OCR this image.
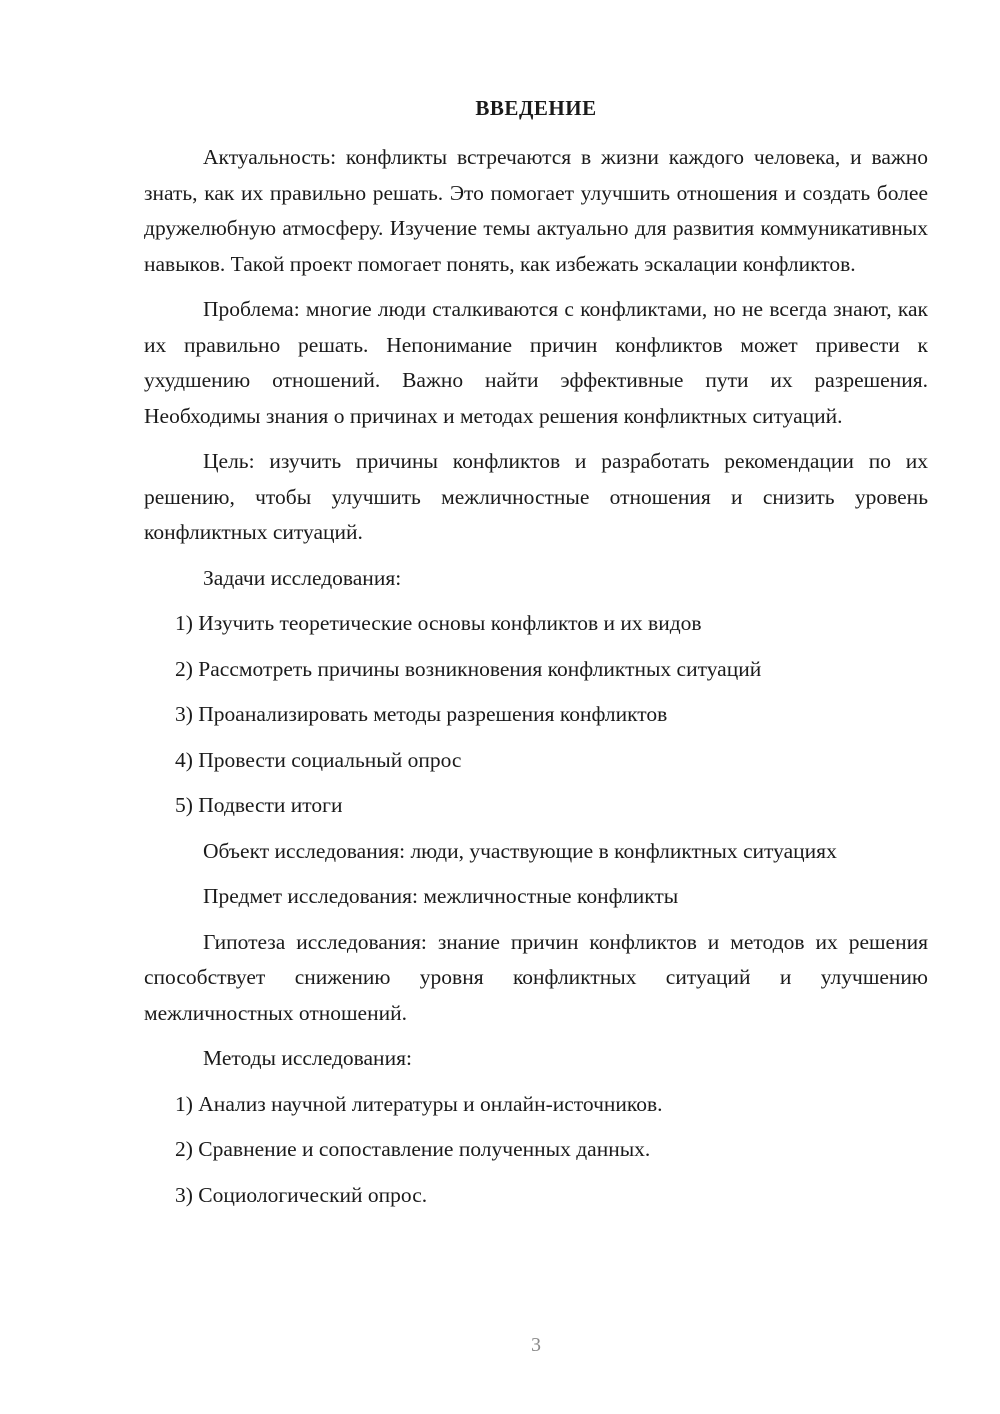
ВВЕДЕНИЕ

Актуальность: конфликты встречаются в жизни каждого человека, и важно знать, как их правильно решать. Это помогает улучшить отношения и создать более дружелюбную атмосферу. Изучение темы актуально для развития коммуникативных навыков. Такой проект помогает понять, как избежать эскалации конфликтов.

Проблема: многие люди сталкиваются с конфликтами, но не всегда знают, как их правильно решать. Непонимание причин конфликтов может привести к ухудшению отношений. Важно найти эффективные пути их разрешения. Необходимы знания о причинах и методах решения конфликтных ситуаций.

Цель: изучить причины конфликтов и разработать рекомендации по их решению, чтобы улучшить межличностные отношения и снизить уровень конфликтных ситуаций.

Задачи исследования:

1) Изучить теоретические основы конфликтов и их видов

2) Рассмотреть причины возникновения конфликтных ситуаций

3) Проанализировать методы разрешения конфликтов

4) Провести социальный опрос

5) Подвести итоги

Объект исследования: люди, участвующие в конфликтных ситуациях

Предмет исследования: межличностные конфликты

Гипотеза исследования: знание причин конфликтов и методов их решения способствует снижению уровня конфликтных ситуаций и улучшению межличностных отношений.

Методы исследования:

1) Анализ научной литературы и онлайн-источников.

2) Сравнение и сопоставление полученных данных.

3) Социологический опрос.

3
